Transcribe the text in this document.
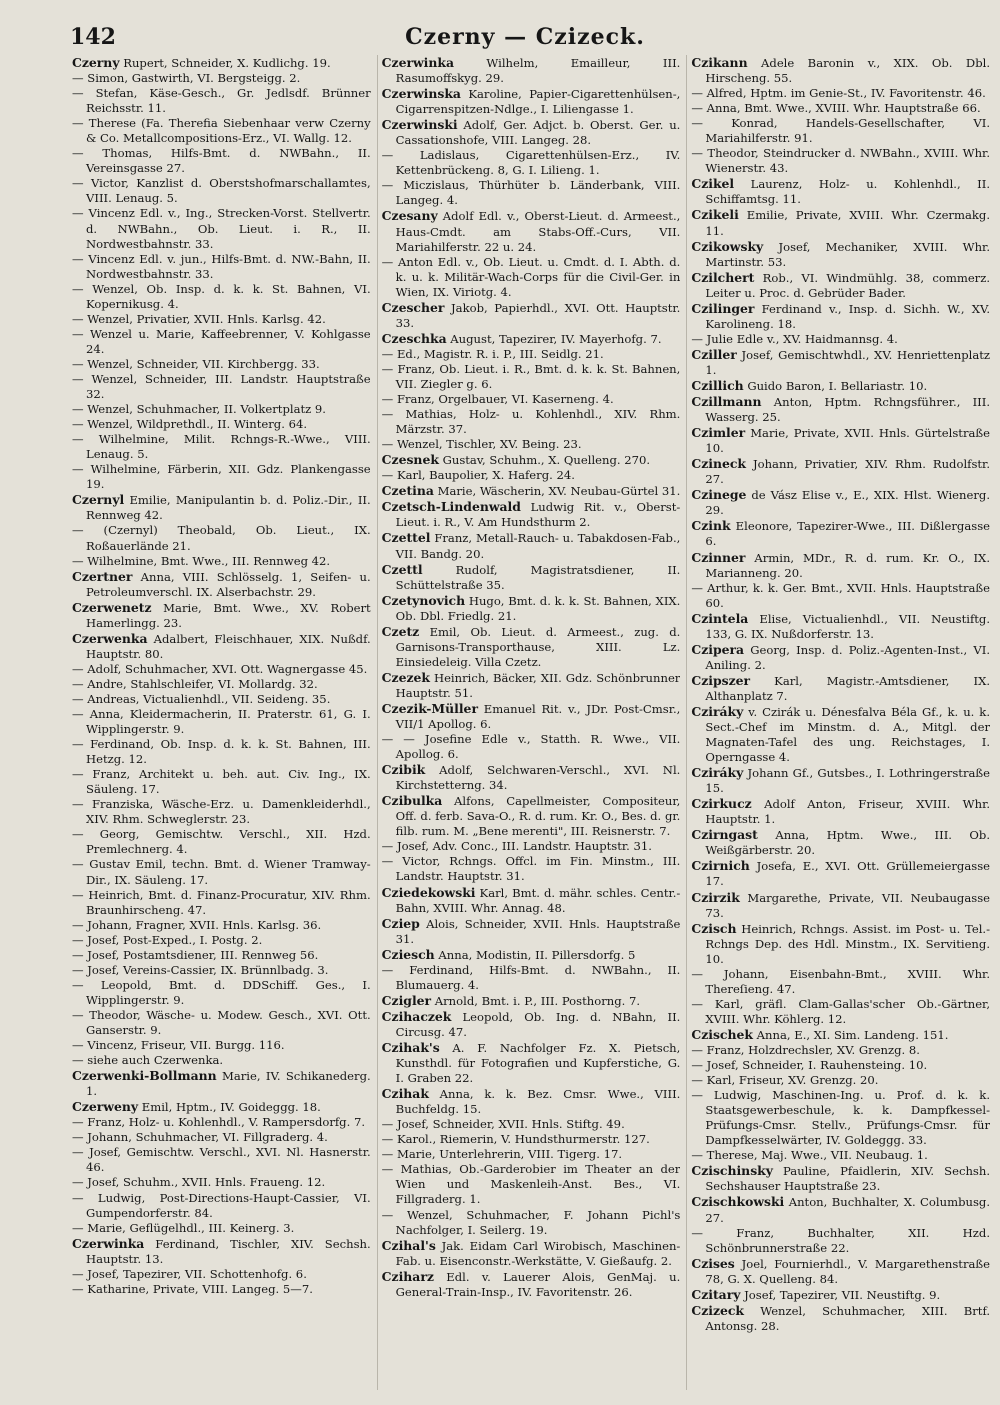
142	Czerny — Czizeck.
Czerny Rupert, Schneider, X. Kudlichg. 19.
— Simon, Gastwirth, VI. Bergsteigg. 2.
— Stefan, Käse-Gesch., Gr. Jedlsdf. Brünner Reichsstr. 11.
— Therese (Fa. Therefia Siebenhaar verw Czerny & Co. Metallcompositions-Erz., VI. Wallg. 12.
— Thomas, Hilfs-Bmt. d. NWBahn., II. Vereinsgasse 27.
— Victor, Kanzlist d. Oberstshofmarschallamtes, VIII. Lenaug. 5.
— Vincenz Edl. v., Ing., Strecken-Vorst. Stellvertr. d. NWBahn., Ob. Lieut. i. R., II. Nordwestbahnstr. 33.
— Vincenz Edl. v. jun., Hilfs-Bmt. d. NW.-Bahn, II. Nordwestbahnstr. 33.
— Wenzel, Ob. Insp. d. k. k. St. Bahnen, VI. Kopernikusg. 4.
— Wenzel, Privatier, XVII. Hnls. Karlsg. 42.
— Wenzel u. Marie, Kaffeebrenner, V. Kohlgasse 24.
— Wenzel, Schneider, VII. Kirchbergg. 33.
— Wenzel, Schneider, III. Landstr. Hauptstraße 32.
— Wenzel, Schuhmacher, II. Volkertplatz 9.
— Wenzel, Wildprethdl., II. Winterg. 64.
— Wilhelmine, Milit. Rchngs-R.-Wwe., VIII. Lenaug. 5.
— Wilhelmine, Färberin, XII. Gdz. Plankengasse 19.
Czernyl Emilie, Manipulantin b. d. Poliz.-Dir., II. Rennweg 42.
— (Czernyl) Theobald, Ob. Lieut., IX. Roßauerlände 21.
— Wilhelmine, Bmt. Wwe., III. Rennweg 42.
Czertner Anna, VIII. Schlösselg. 1, Seifen- u. Petroleumverschl. IX. Alserbachstr. 29.
Czerwenetz Marie, Bmt. Wwe., XV. Robert Hamerlingg. 23.
Czerwenka Adalbert, Fleischhauer, XIX. Nußdf. Hauptstr. 80.
— Adolf, Schuhmacher, XVI. Ott. Wagnergasse 45.
— Andre, Stahlschleifer, VI. Mollardg. 32.
— Andreas, Victualienhdl., VII. Seideng. 35.
— Anna, Kleidermacherin, II. Praterstr. 61, G. I. Wipplingerstr. 9.
— Ferdinand, Ob. Insp. d. k. k. St. Bahnen, III. Hetzg. 12.
— Franz, Architekt u. beh. aut. Civ. Ing., IX. Säuleng. 17.
— Franziska, Wäsche-Erz. u. Damenkleiderhdl., XIV. Rhm. Schweglerstr. 23.
— Georg, Gemischtw. Verschl., XII. Hzd. Premlechnerg. 4.
— Gustav Emil, techn. Bmt. d. Wiener Tramway-Dir., IX. Säuleng. 17.
— Heinrich, Bmt. d. Finanz-Procuratur, XIV. Rhm. Braunhirscheng. 47.
— Johann, Fragner, XVII. Hnls. Karlsg. 36.
— Josef, Post-Exped., I. Postg. 2.
— Josef, Postamtsdiener, III. Rennweg 56.
— Josef, Vereins-Cassier, IX. Brünnlbadg. 3.
— Leopold, Bmt. d. DDSchiff. Ges., I. Wipplingerstr. 9.
— Theodor, Wäsche- u. Modew. Gesch., XVI. Ott. Ganserstr. 9.
— Vincenz, Friseur, VII. Burgg. 116.
— siehe auch Czerwenka.
Czerwenki-Bollmann Marie, IV. Schikanederg. 1.
Czerweny Emil, Hptm., IV. Goideggg. 18.
— Franz, Holz- u. Kohlenhdl., V. Rampersdorfg. 7.
— Johann, Schuhmacher, VI. Fillgraderg. 4.
— Josef, Gemischtw. Verschl., XVI. Nl. Hasnerstr. 46.
— Josef, Schuhm., XVII. Hnls. Fraueng. 12.
— Ludwig, Post-Directions-Haupt-Cassier, VI. Gumpendorferstr. 84.
— Marie, Geflügelhdl., III. Keinerg. 3.
Czerwinka Ferdinand, Tischler, XIV. Sechsh. Hauptstr. 13.
— Josef, Tapezirer, VII. Schottenhofg. 6.
— Katharine, Private, VIII. Langeg. 5—7.
Czerwinka	Wilhelm, Emailleur, III. Rasumoffskyg. 29.
Czerwinska Karoline, Papier-Cigarettenhülsen-, Cigarrenspitzen-Ndlge., I. Liliengasse 1.
Czerwinski Adolf, Ger. Adjct. b. Oberst. Ger. u. Cassationshofe, VIII. Langeg. 28.
— Ladislaus, Cigarettenhülsen-Erz., IV. Kettenbrückeng. 8, G. I. Lilieng. 1.
— Miczislaus, Thürhüter b. Länderbank, VIII. Langeg. 4.
Czesany Adolf Edl. v., Oberst-Lieut. d. Armeest., Haus-Cmdt. am Stabs-Off.-Curs, VII. Mariahilferstr. 22 u. 24.
— Anton Edl. v., Ob. Lieut. u. Cmdt. d. I. Abth. d. k. u. k. Militär-Wach-Corps für die Civil-Ger. in Wien, IX. Viriotg. 4.
Czescher Jakob, Papierhdl., XVI. Ott. Hauptstr. 33.
Czeschka August, Tapezirer, IV. Mayerhofg. 7.
— Ed., Magistr. R. i. P., III. Seidlg. 21.
— Franz, Ob. Lieut. i. R., Bmt. d. k. k. St. Bahnen, VII. Ziegler g. 6.
— Franz, Orgelbauer, VI. Kaserneng. 4.
— Mathias, Holz- u. Kohlenhdl., XIV. Rhm. Märzstr. 37.
— Wenzel, Tischler, XV. Being. 23.
Czesnek Gustav, Schuhm., X. Quelleng. 270.
— Karl, Baupolier, X. Haferg. 24.
Czetina Marie, Wäscherin, XV. Neubau-Gürtel 31.
Czetsch-Lindenwald Ludwig Rit. v., Oberst-Lieut. i. R., V. Am Hundsthurm 2.
Czettel Franz, Metall-Rauch- u. Tabakdosen-Fab., VII. Bandg. 20.
Czettl	Rudolf, Magistratsdiener, II. Schüttelstraße 35.
Czetynovich Hugo, Bmt. d. k. k. St. Bahnen, XIX. Ob. Dbl. Friedlg. 21.
Czetz Emil, Ob. Lieut. d. Armeest., zug. d. Garnisons-Transporthause, XIII. Lz. Einsiedeleig. Villa Czetz.
Czezek Heinrich, Bäcker, XII. Gdz. Schönbrunner Hauptstr. 51.
Czezik-Müller Emanuel Rit. v., JDr. Post-Cmsr., VII/1 Apollog. 6.
— — Josefine Edle v., Statth. R. Wwe., VII. Apollog. 6.
Czibik Adolf, Selchwaren-Verschl., XVI. Nl. Kirchstetterng. 34.
Czibulka Alfons, Capellmeister, Compositeur, Off. d. ferb. Sava-O., R. d. rum. Kr. O., Bes. d. gr. filb. rum. M. „Bene merenti", III. Reisnerstr. 7.
— Josef, Adv. Conc., III. Landstr. Hauptstr. 31.
— Victor, Rchngs. Offcl. im Fin. Minstm., III. Landstr. Hauptstr. 31.
Cziedekowski Karl, Bmt. d. mähr. schles. Centr.-Bahn, XVIII. Whr. Annag. 48.
Cziep Alois, Schneider, XVII. Hnls. Hauptstraße 31.
Cziesch Anna, Modistin, II. Pillersdorfg. 5
— Ferdinand, Hilfs-Bmt. d. NWBahn., II. Blumauerg. 4.
Czigler Arnold, Bmt. i. P., III. Posthorng. 7.
Czihaczek Leopold, Ob. Ing. d. NBahn, II. Circusg. 47.
Czihak's A. F. Nachfolger Fz. X. Pietsch, Kunsthdl. für Fotografien und Kupferstiche, G. I. Graben 22.
Czihak Anna, k. k. Bez. Cmsr. Wwe., VIII. Buchfeldg. 15.
— Josef, Schneider, XVII. Hnls. Stiftg. 49.
— Karol., Riemerin, V. Hundsthurmerstr. 127.
— Marie, Unterlehrerin, VIII. Tigerg. 17.
— Mathias, Ob.-Garderobier im Theater an der Wien und Maskenleih-Anst. Bes., VI. Fillgraderg. 1.
— Wenzel, Schuhmacher, F. Johann Pichl's Nachfolger, I. Seilerg. 19.
Czihal's Jak. Eidam Carl Wirobisch, Maschinen-Fab. u. Eisenconstr.-Werkstätte, V. Gießaufg. 2.
Cziharz Edl. v. Lauerer Alois, GenMaj. u. General-Train-Insp., IV. Favoritenstr. 26.
Czikann Adele Baronin v., XIX. Ob. Dbl. Hirscheng. 55.
— Alfred, Hptm. im Genie-St., IV. Favoritenstr. 46.
— Anna, Bmt. Wwe., XVIII. Whr. Hauptstraße 66.
— Konrad, Handels-Gesellschafter, VI. Mariahilferstr. 91.
— Theodor, Steindrucker d. NWBahn., XVIII. Whr. Wienerstr. 43.
Czikel Laurenz, Holz- u. Kohlenhdl., II. Schiffamtsg. 11.
Czikeli Emilie, Private, XVIII. Whr. Czermakg. 11.
Czikowsky Josef, Mechaniker, XVIII. Whr. Martinstr. 53.
Czilchert Rob., VI. Windmühlg. 38, commerz. Leiter u. Proc. d. Gebrüder Bader.
Czilinger Ferdinand v., Insp. d. Sichh. W., XV. Karolineng. 18.
— Julie Edle v., XV. Haidmannsg. 4.
Cziller Josef, Gemischtwhdl., XV. Henriettenplatz 1.
Czillich Guido Baron, I. Bellariastr. 10.
Czillmann Anton, Hptm. Rchngsführer., III. Wasserg. 25.
Czimler Marie, Private, XVII. Hnls. Gürtelstraße 10.
Czineck Johann, Privatier, XIV. Rhm. Rudolfstr. 27.
Czinege de Vász Elise v., E., XIX. Hlst. Wienerg. 29.
Czink Eleonore, Tapezirer-Wwe., III. Dißlergasse 6.
Czinner Armin, MDr., R. d. rum. Kr. O., IX. Marianneng. 20.
— Arthur, k. k. Ger. Bmt., XVII. Hnls. Hauptstraße 60.
Czintela Elise, Victualienhdl., VII. Neustiftg. 133, G. IX. Nußdorferstr. 13.
Czipera Georg, Insp. d. Poliz.-Agenten-Inst., VI. Aniling. 2.
Czipszer Karl, Magistr.-Amtsdiener, IX. Althanplatz 7.
Cziráky v. Czirák u. Dénesfalva Béla Gf., k. u. k. Sect.-Chef im Minstm. d. A., Mitgl. der Magnaten-Tafel des ung. Reichstages, I. Operngasse 4.
Cziráky Johann Gf., Gutsbes., I. Lothringerstraße 15.
Czirkucz Adolf Anton, Friseur, XVIII. Whr. Hauptstr. 1.
Czirngast Anna, Hptm. Wwe., III. Ob. Weißgärberstr. 20.
Czirnich Josefa, E., XVI. Ott. Grüllemeiergasse 17.
Czirzik Margarethe, Private, VII. Neubaugasse 73.
Czisch Heinrich, Rchngs. Assist. im Post- u. Tel.-Rchngs Dep. des Hdl. Minstm., IX. Servitieng. 10.
— Johann, Eisenbahn-Bmt., XVIII. Whr. Thereſieng. 47.
— Karl, gräfl. Clam-Gallas'scher Ob.-Gärtner, XVIII. Whr. Köhlerg. 12.
Czischek Anna, E., XI. Sim. Landeng. 151.
— Franz, Holzdrechsler, XV. Grenzg. 8.
— Josef, Schneider, I. Rauhensteing. 10.
— Karl, Friseur, XV. Grenzg. 20.
— Ludwig, Maschinen-Ing. u. Prof. d. k. k. Staatsgewerbeschule, k. k. Dampfkessel-Prüfungs-Cmsr. Stellv., Prüfungs-Cmsr. für Dampfkesselwärter, IV. Goldeggg. 33.
— Therese, Maj. Wwe., VII. Neubaug. 1.
Czischinsky Pauline, Pfaidlerin, XIV. Sechsh. Sechshauser Hauptstraße 23.
Czischkowski Anton, Buchhalter, X. Columbusg. 27.
— Franz, Buchhalter, XII. Hzd. Schönbrunnerstraße 22.
Czises Joel, Fournierhdl., V. Margarethenstraße 78, G. X. Quelleng. 84.
Czitary Josef, Tapezirer, VII. Neustiftg. 9.
Czizeck Wenzel, Schuhmacher, XIII. Brtf. Antonsg. 28.
